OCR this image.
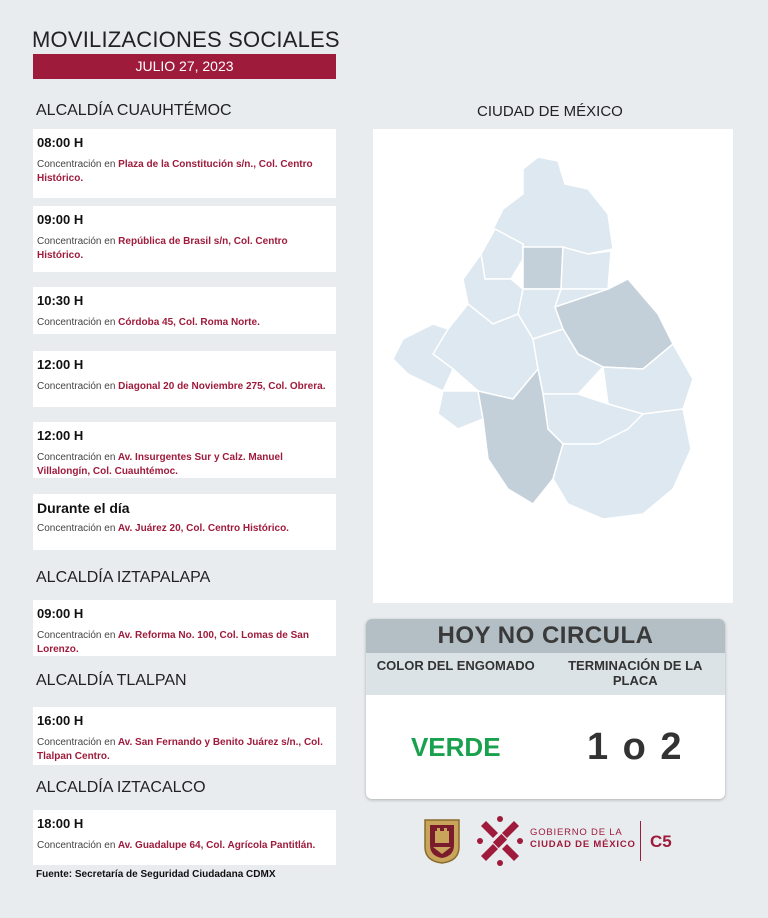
MOVILIZACIONES SOCIALES
JULIO 27, 2023
ALCALDÍA CUAUHTÉMOC
08:00 H
Concentración en Plaza de la Constitución s/n., Col. Centro Histórico.
09:00 H
Concentración en República de Brasil s/n, Col. Centro Histórico.
10:30 H
Concentración en Córdoba 45, Col. Roma Norte.
12:00 H
Concentración en Diagonal 20 de Noviembre 275, Col. Obrera.
12:00 H
Concentración en Av. Insurgentes Sur y Calz. Manuel Villalongín, Col. Cuauhtémoc.
Durante el día
Concentración en Av. Juárez 20, Col. Centro Histórico.
ALCALDÍA IZTAPALAPA
09:00 H
Concentración en Av. Reforma No. 100, Col. Lomas de San Lorenzo.
ALCALDÍA TLALPAN
16:00 H
Concentración en Av. San Fernando y Benito Juárez s/n., Col. Tlalpan Centro.
ALCALDÍA IZTACALCO
18:00 H
Concentración en Av. Guadalupe 64, Col. Agrícola Pantitlán.
Fuente: Secretaría de Seguridad Ciudadana CDMX
CIUDAD DE MÉXICO
HOY NO CIRCULA
COLOR DEL ENGOMADO	TERMINACIÓN DE LA PLACA
VERDE	1 o 2
GOBIERNO DE LA
CIUDAD DE MÉXICO C5
